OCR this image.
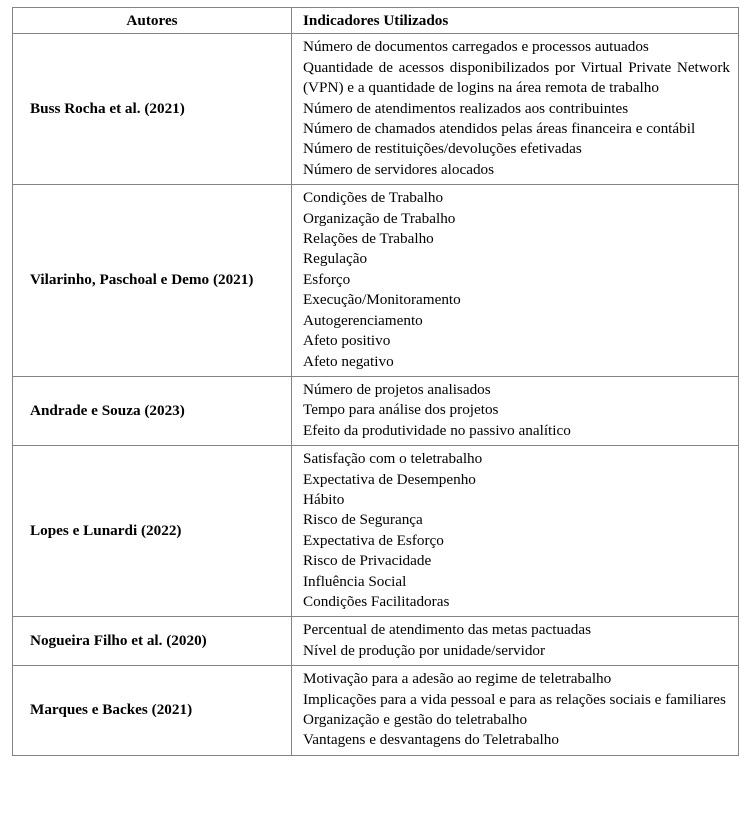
Autores	Indicadores Utilizados
Buss Rocha et al. (2021)	
Número de documentos carregados e processos autuados
Quantidade de acessos disponibilizados por Virtual Private Network (VPN) e a quantidade de logins na área remota de trabalho
Número de atendimentos realizados aos contribuintes
Número de chamados atendidos pelas áreas financeira e contábil
Número de restituições/devoluções efetivadas
Número de servidores alocados

Vilarinho, Paschoal e Demo (2021)	
Condições de Trabalho
Organização de Trabalho
Relações de Trabalho
Regulação
Esforço
Execução/Monitoramento
Autogerenciamento
Afeto positivo
Afeto negativo

Andrade e Souza (2023)	Número de projetos analisados
Tempo para análise dos projetos
Efeito da produtividade no passivo analítico

Lopes e Lunardi (2022)	
Satisfação com o teletrabalho
Expectativa de Desempenho
Hábito
Risco de Segurança
Expectativa de Esforço
Risco de Privacidade
Influência Social
Condições Facilitadoras

Nogueira Filho et al. (2020)	Percentual de atendimento das metas pactuadas
Nível de produção por unidade/servidor

Marques e Backes (2021)	Motivação para a adesão ao regime de teletrabalho
Implicações para a vida pessoal e para as relações sociais e familiares
Organização e gestão do teletrabalho
Vantagens e desvantagens do Teletrabalho
